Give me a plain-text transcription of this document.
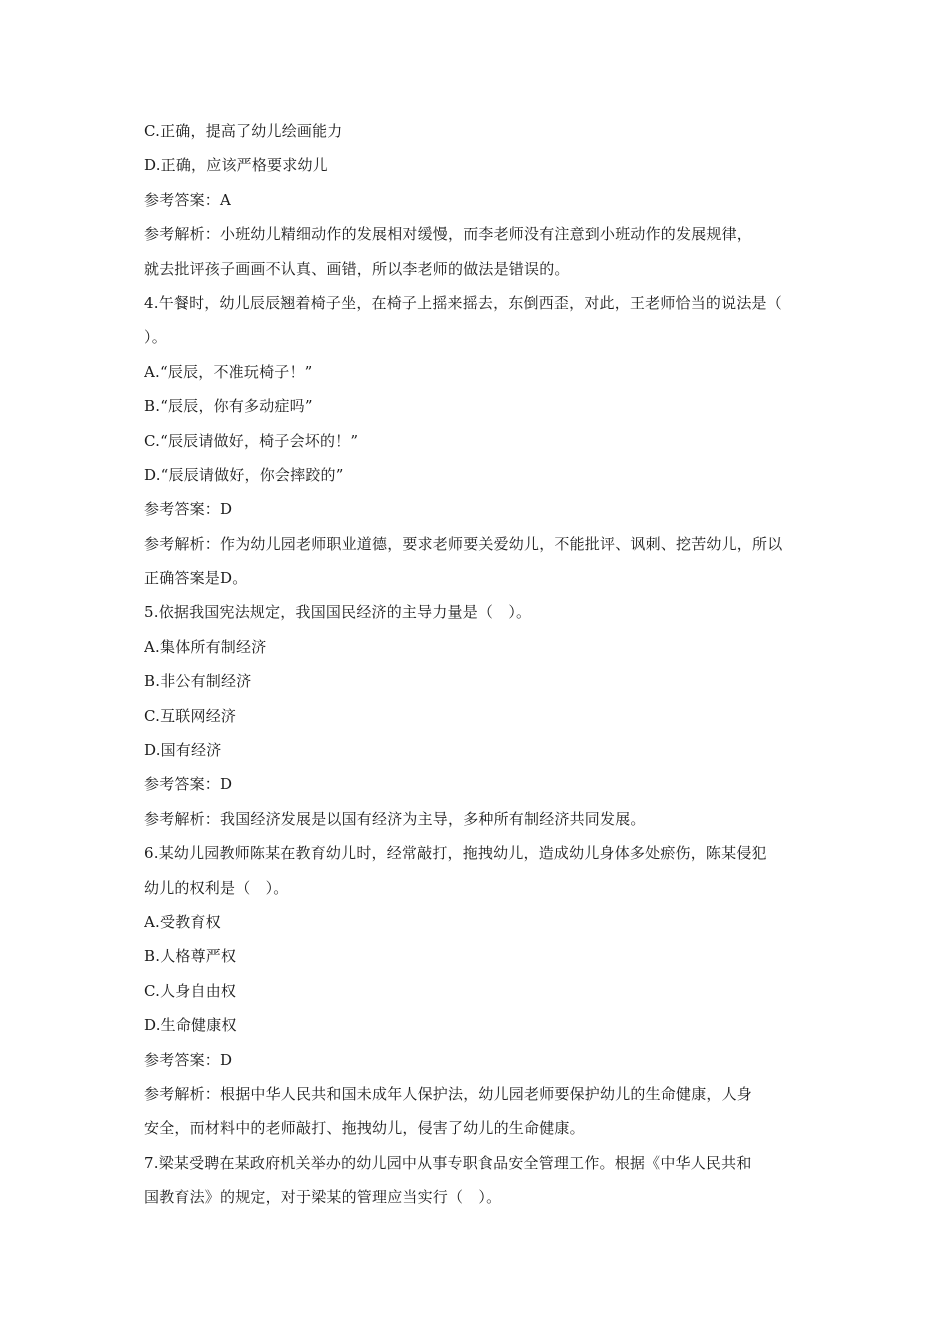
C.正确，提高了幼儿绘画能力
D.正确，应该严格要求幼儿
参考答案：A
参考解析：小班幼儿精细动作的发展相对缓慢，而李老师没有注意到小班动作的发展规律，
就去批评孩子画画不认真、画错，所以李老师的做法是错误的。
4.午餐时，幼儿辰辰翘着椅子坐，在椅子上摇来摇去，东倒西歪，对此，王老师恰当的说法是（
）。
A.“辰辰，不准玩椅子！”
B.“辰辰，你有多动症吗”
C.“辰辰请做好，椅子会坏的！”
D.“辰辰请做好，你会摔跤的”
参考答案：D
参考解析：作为幼儿园老师职业道德，要求老师要关爱幼儿，不能批评、讽刺、挖苦幼儿，所以
正确答案是D。
5.依据我国宪法规定，我国国民经济的主导力量是（　）。
A.集体所有制经济
B.非公有制经济
C.互联网经济
D.国有经济
参考答案：D
参考解析：我国经济发展是以国有经济为主导，多种所有制经济共同发展。
6.某幼儿园教师陈某在教育幼儿时，经常敲打，拖拽幼儿，造成幼儿身体多处瘀伤，陈某侵犯
幼儿的权利是（　）。
A.受教育权
B.人格尊严权
C.人身自由权
D.生命健康权
参考答案：D
参考解析：根据中华人民共和国未成年人保护法，幼儿园老师要保护幼儿的生命健康，人身
安全，而材料中的老师敲打、拖拽幼儿，侵害了幼儿的生命健康。
7.梁某受聘在某政府机关举办的幼儿园中从事专职食品安全管理工作。根据《中华人民共和
国教育法》的规定，对于梁某的管理应当实行（　）。
